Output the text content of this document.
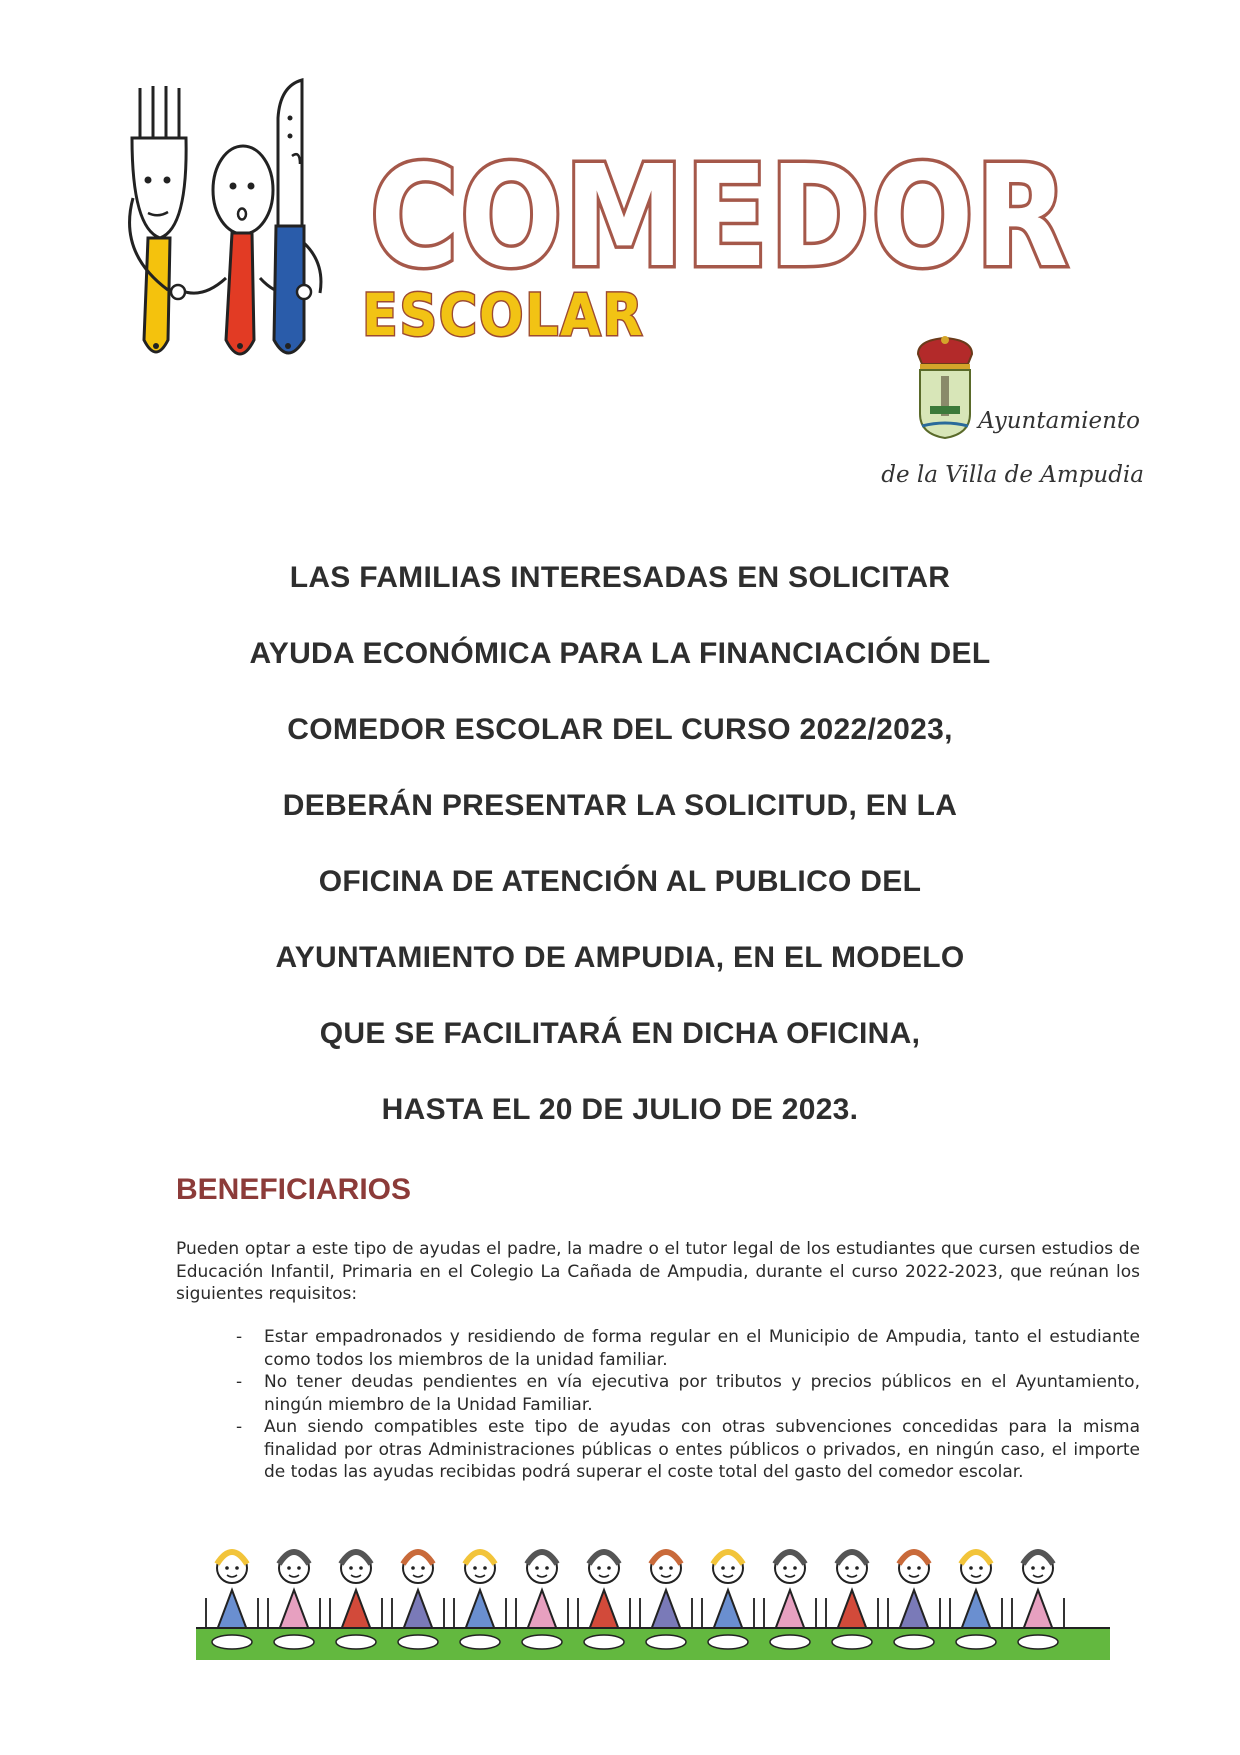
COMEDOR

ESCOLAR

Ayuntamiento

de la Villa de Ampudia

LAS FAMILIAS INTERESADAS EN SOLICITAR

AYUDA ECONÓMICA PARA LA FINANCIACIÓN DEL

COMEDOR ESCOLAR DEL CURSO 2022/2023,

DEBERÁN PRESENTAR LA SOLICITUD, EN LA

OFICINA DE ATENCIÓN AL PUBLICO DEL

AYUNTAMIENTO DE AMPUDIA, EN EL MODELO

QUE SE FACILITARÁ EN DICHA OFICINA,

HASTA EL 20 DE JULIO DE 2023.

BENEFICIARIOS

Pueden optar a este tipo de ayudas el padre, la madre o el tutor legal de los estudiantes que cursen estudios de Educación Infantil, Primaria en el Colegio La Cañada de Ampudia, durante el curso 2022-2023, que reúnan los siguientes requisitos:

- Estar empadronados y residiendo de forma regular en el Municipio de Ampudia, tanto el estudiante como todos los miembros de la unidad familiar.
- No tener deudas pendientes en vía ejecutiva por tributos y precios públicos en el Ayuntamiento, ningún miembro de la Unidad Familiar.
- Aun siendo compatibles este tipo de ayudas con otras subvenciones concedidas para la misma finalidad por otras Administraciones públicas o entes públicos o privados, en ningún caso, el importe de todas las ayudas recibidas podrá superar el coste total del gasto del comedor escolar.
